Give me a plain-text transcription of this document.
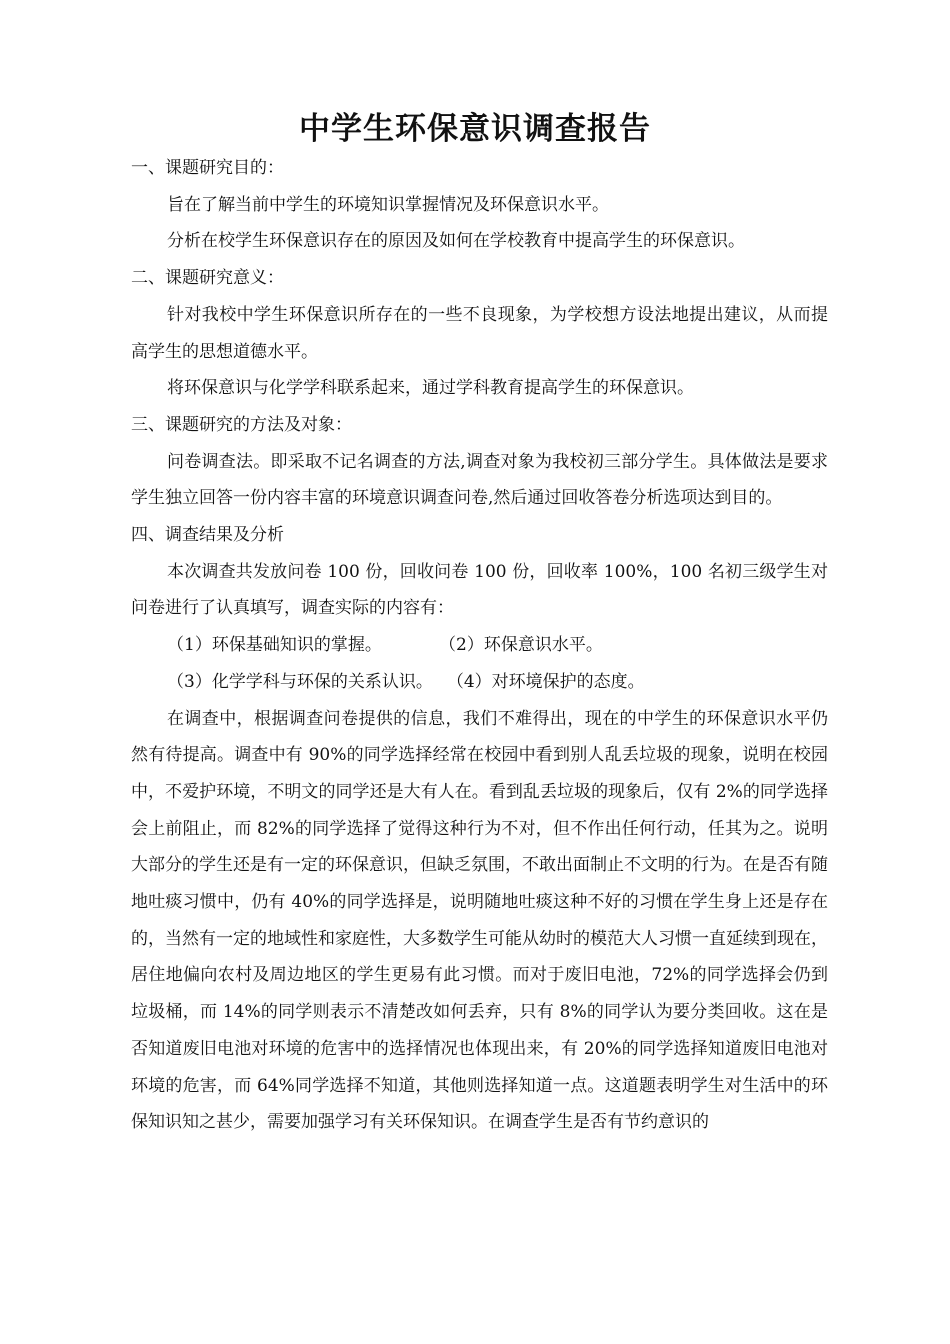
中学生环保意识调查报告

一、课题研究目的：

旨在了解当前中学生的环境知识掌握情况及环保意识水平。

分析在校学生环保意识存在的原因及如何在学校教育中提高学生的环保意识。

二、课题研究意义：

针对我校中学生环保意识所存在的一些不良现象，为学校想方设法地提出建议，从而提高学生的思想道德水平。

将环保意识与化学学科联系起来，通过学科教育提高学生的环保意识。

三、课题研究的方法及对象：

问卷调查法。即采取不记名调查的方法,调查对象为我校初三部分学生。具体做法是要求学生独立回答一份内容丰富的环境意识调查问卷,然后通过回收答卷分析选项达到目的。

四、调查结果及分析

本次调查共发放问卷 100 份，回收问卷 100 份，回收率 100%，100 名初三级学生对问卷进行了认真填写，调查实际的内容有：

（1）环保基础知识的掌握。	（2）环保意识水平。
（3）化学学科与环保的关系认识。 （4）对环境保护的态度。

在调查中，根据调查问卷提供的信息，我们不难得出，现在的中学生的环保意识水平仍然有待提高。调查中有 90%的同学选择经常在校园中看到别人乱丢垃圾的现象，说明在校园中，不爱护环境，不明文的同学还是大有人在。看到乱丢垃圾的现象后，仅有 2%的同学选择会上前阻止，而 82%的同学选择了觉得这种行为不对，但不作出任何行动，任其为之。说明大部分的学生还是有一定的环保意识，但缺乏氛围，不敢出面制止不文明的行为。在是否有随地吐痰习惯中，仍有 40%的同学选择是，说明随地吐痰这种不好的习惯在学生身上还是存在的，当然有一定的地域性和家庭性，大多数学生可能从幼时的模范大人习惯一直延续到现在，居住地偏向农村及周边地区的学生更易有此习惯。而对于废旧电池，72%的同学选择会仍到垃圾桶，而 14%的同学则表示不清楚改如何丢弃，只有 8%的同学认为要分类回收。这在是否知道废旧电池对环境的危害中的选择情况也体现出来，有 20%的同学选择知道废旧电池对环境的危害，而 64%同学选择不知道，其他则选择知道一点。这道题表明学生对生活中的环保知识知之甚少，需要加强学习有关环保知识。在调查学生是否有节约意识的
